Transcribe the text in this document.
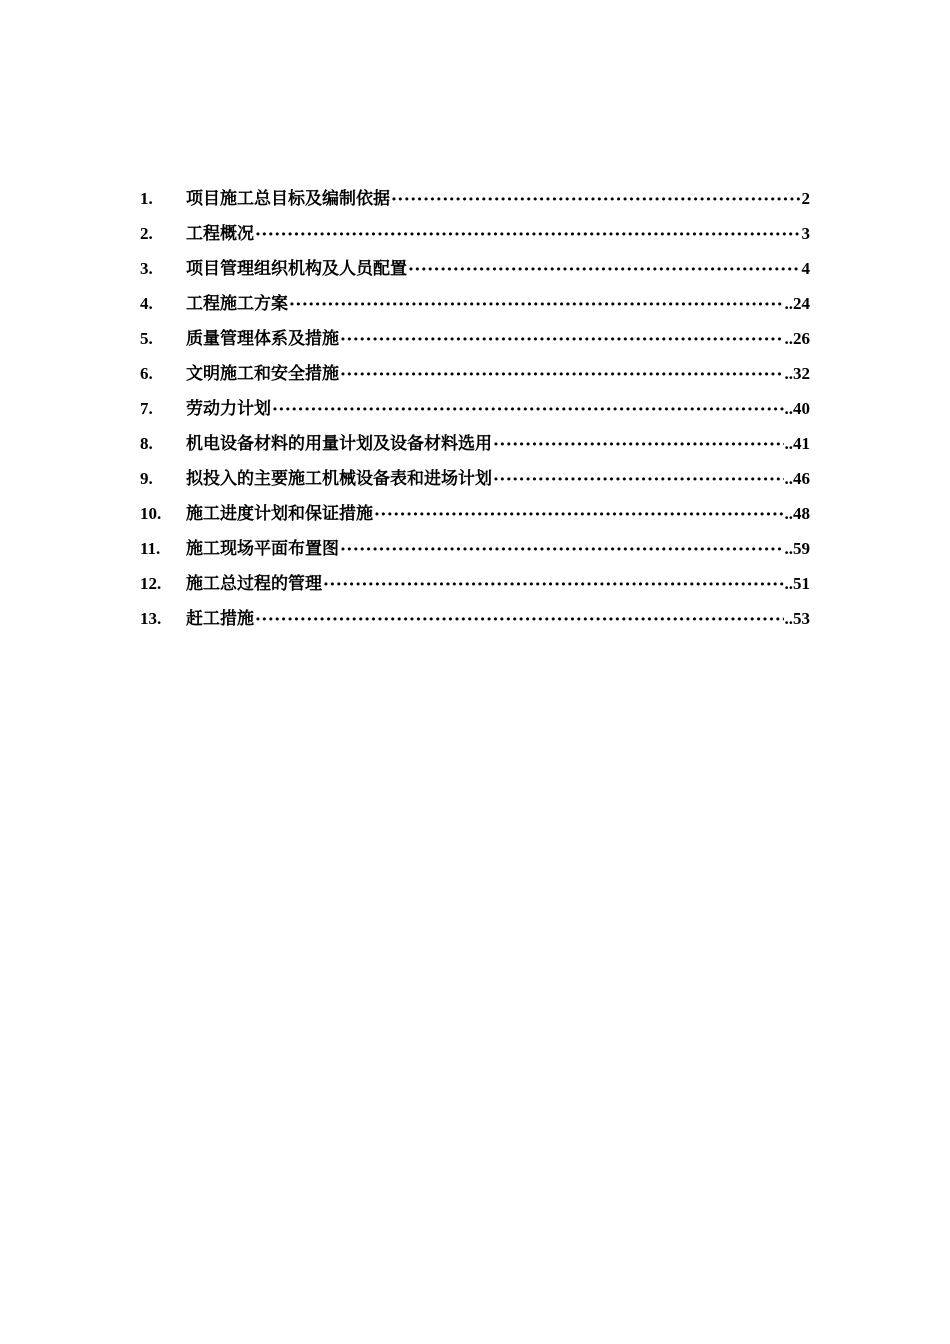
1.	项目施工总目标及编制依据 ·····	2
2.	工程概况 ·····	3
3.	项目管理组织机构及人员配置 ·····	4
4.	工程施工方案 ·····	..24
5.	质量管理体系及措施 ·····	..26
6.	文明施工和安全措施 ·····	..32
7.	劳动力计划 ·····	..40
8.	机电设备材料的用量计划及设备材料选用 ·····	..41
9.	拟投入的主要施工机械设备表和进场计划 ·····	..46
10.	施工进度计划和保证措施 ·····	..48
11.	施工现场平面布置图 ·····	..59
12.	施工总过程的管理 ·····	..51
13.	赶工措施 ·····	..53
